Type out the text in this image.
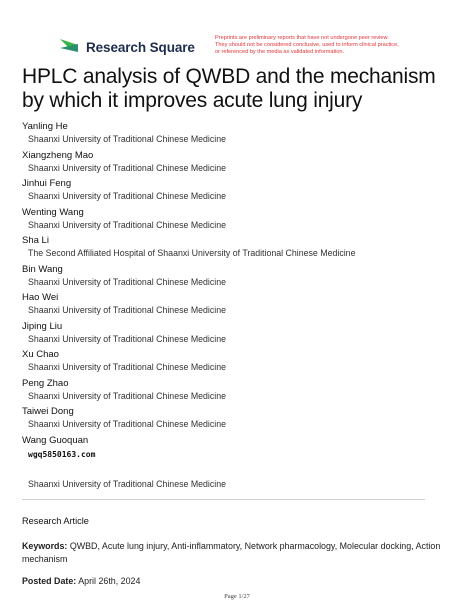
Research Square
Preprints are preliminary reports that have not undergone peer review.
They should not be considered conclusive, used to inform clinical practice,
or referenced by the media as validated information.
HPLC analysis of QWBD and the mechanism by which it improves acute lung injury
Yanling He
Shaanxi University of Traditional Chinese Medicine
Xiangzheng Mao
Shaanxi University of Traditional Chinese Medicine
Jinhui Feng
Shaanxi University of Traditional Chinese Medicine
Wenting Wang
Shaanxi University of Traditional Chinese Medicine
Sha Li
The Second Affiliated Hospital of Shaanxi University of Traditional Chinese Medicine
Bin Wang
Shaanxi University of Traditional Chinese Medicine
Hao Wei
Shaanxi University of Traditional Chinese Medicine
Jiping Liu
Shaanxi University of Traditional Chinese Medicine
Xu Chao
Shaanxi University of Traditional Chinese Medicine
Peng Zhao
Shaanxi University of Traditional Chinese Medicine
Taiwei Dong
Shaanxi University of Traditional Chinese Medicine
Wang Guoquan
wgq5850163.com
Shaanxi University of Traditional Chinese Medicine
Research Article
Keywords: QWBD, Acute lung injury, Anti-inflammatory, Network pharmacology, Molecular docking, Action mechanism
Posted Date: April 26th, 2024
Page 1/27
